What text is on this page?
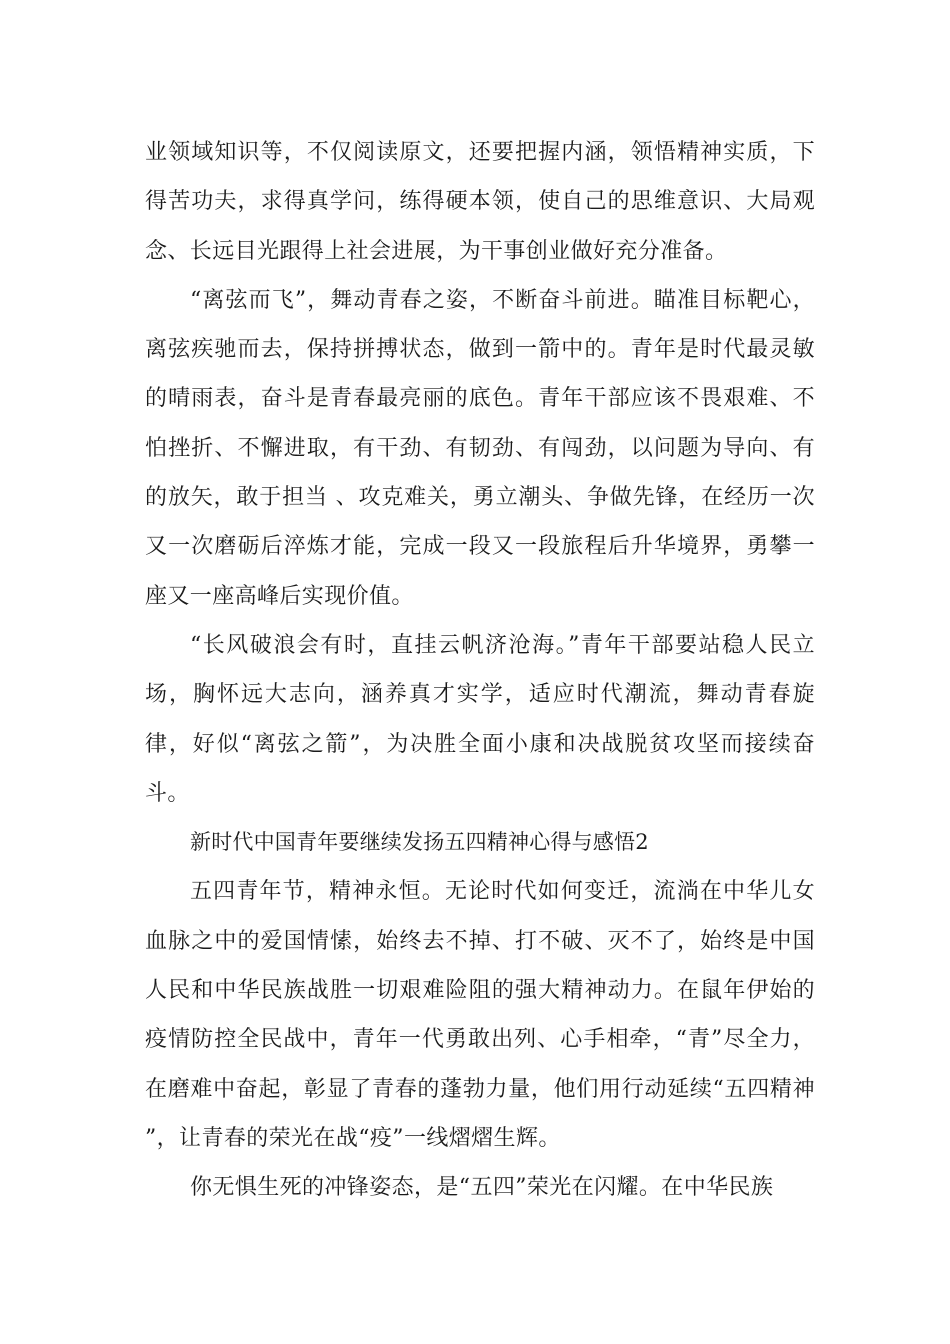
业领域知识等，不仅阅读原文，还要把握内涵，领悟精神实质，下得苦功夫，求得真学问，练得硬本领，使自己的思维意识、大局观念、长远目光跟得上社会进展，为干事创业做好充分准备。

“离弦而飞”，舞动青春之姿，不断奋斗前进。瞄准目标靶心，离弦疾驰而去，保持拼搏状态，做到一箭中的。青年是时代最灵敏的晴雨表，奋斗是青春最亮丽的底色。青年干部应该不畏艰难、不怕挫折、不懈进取，有干劲、有韧劲、有闯劲，以问题为导向、有的放矢，敢于担当 、攻克难关，勇立潮头、争做先锋，在经历一次又一次磨砺后淬炼才能，完成一段又一段旅程后升华境界，勇攀一座又一座高峰后实现价值。

“长风破浪会有时，直挂云帆济沧海。”青年干部要站稳人民立场，胸怀远大志向，涵养真才实学，适应时代潮流，舞动青春旋律，好似“离弦之箭”，为决胜全面小康和决战脱贫攻坚而接续奋斗。

新时代中国青年要继续发扬五四精神心得与感悟2

五四青年节，精神永恒。无论时代如何变迁，流淌在中华儿女血脉之中的爱国情愫，始终去不掉、打不破、灭不了，始终是中国人民和中华民族战胜一切艰难险阻的强大精神动力。在鼠年伊始的疫情防控全民战中，青年一代勇敢出列、心手相牵，“青”尽全力，在磨难中奋起，彰显了青春的蓬勃力量，他们用行动延续“五四精神 ”，让青春的荣光在战“疫”一线熠熠生辉。

你无惧生死的冲锋姿态，是“五四”荣光在闪耀。在中华民族
